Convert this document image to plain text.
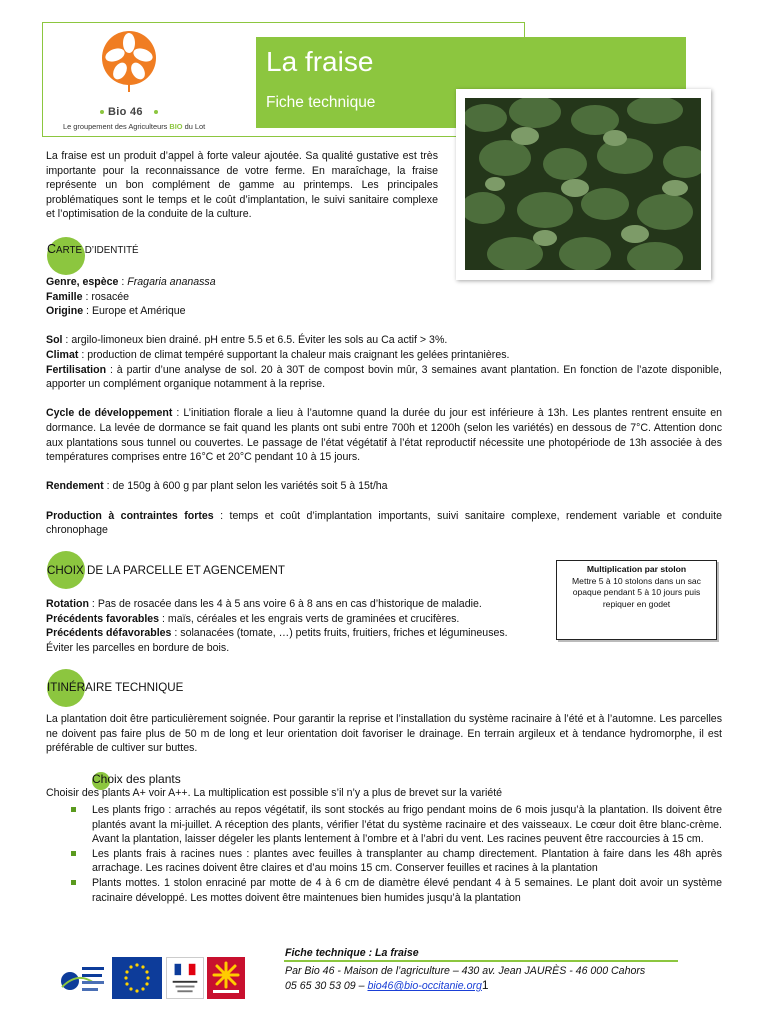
Bio 46
Le groupement des Agriculteurs BIO du Lot
La fraise
Fiche technique
La fraise est un produit d’appel à forte valeur ajoutée. Sa qualité gustative est très importante pour la reconnaissance de votre ferme. En maraîchage, la fraise représente un bon complément de gamme au printemps. Les principales problématiques sont le temps et le coût d’implantation, le suivi sanitaire complexe et l’optimisation de la conduite de la culture.
CARTE D’IDENTITÉ

Genre, espèce : Fragaria ananassa

Famille : rosacée

Origine : Europe et Amérique

Sol : argilo-limoneux bien drainé. pH entre 5.5 et 6.5. Éviter les sols au Ca actif > 3%.

Climat : production de climat tempéré supportant la chaleur mais craignant les gelées printanières.

Fertilisation : à partir d’une analyse de sol. 20 à 30T de compost bovin mûr, 3 semaines avant plantation. En fonction de l’azote disponible, apporter un complément organique notamment à la reprise.

Cycle de développement : L’initiation florale a lieu à l’automne quand la durée du jour est inférieure à 13h. Les plantes rentrent ensuite en dormance. La levée de dormance se fait quand les plants ont subi entre 700h et 1200h (selon les variétés) en dessous de 7°C. Attention donc aux plantations sous tunnel ou couvertes. Le passage de l’état végétatif à l’état reproductif nécessite une photopériode de 13h associée à des températures comprises entre 16°C et 20°C pendant 10 à 15 jours.

Rendement : de 150g à 600 g par plant selon les variétés soit 5 à 15t/ha

Production à contraintes fortes : temps et coût d’implantation importants, suivi sanitaire complexe, rendement variable et conduite chronophage

CHOIX DE LA PARCELLE ET AGENCEMENT	Multiplication par stolon
Mettre 5 à 10 stolons dans un sac opaque pendant 5 à 10 jours puis repiquer en godet

Rotation : Pas de rosacée dans les 4 à 5 ans voire 6 à 8 ans en cas d’historique de maladie.

Précédents favorables : maïs, céréales et les engrais verts de graminées et crucifères.

Précédents défavorables : solanacées (tomate, …) petits fruits, fruitiers, friches et légumineuses.

Éviter les parcelles en bordure de bois.

ITINÉRAIRE TECHNIQUE
La plantation doit être particulièrement soignée. Pour garantir la reprise et l’installation du système racinaire à l’été et à l’automne. Les parcelles ne doivent pas faire plus de 50 m de long et leur orientation doit favoriser le drainage. En terrain argileux et à tendance hydromorphe, il est préférable de cultiver sur buttes.
Choix des plants
Choisir des plants A+ voir A++. La multiplication est possible s’il n’y a plus de brevet sur la variété
Les plants frigo : arrachés au repos végétatif, ils sont stockés au frigo pendant moins de 6 mois jusqu’à la plantation. Ils doivent être plantés avant la mi-juillet. A réception des plants, vérifier l’état du système racinaire et des vaisseaux. Le cœur doit être blanc-crème. Avant la plantation, laisser dégeler les plants lentement à l’ombre et à l’abri du vent. Les racines peuvent être raccourcies à 15 cm.
Les plants frais à racines nues : plantes avec feuilles à transplanter au champ directement. Plantation à faire dans les 48h après arrachage. Les racines doivent être claires et d’au moins 15 cm. Conserver feuilles et racines à la plantation
Plants mottes. 1 stolon enraciné par motte de 4 à 6 cm de diamètre élevé pendant 4 à 5 semaines. Le plant doit avoir un système racinaire développé. Les mottes doivent être maintenues bien humides jusqu’à la plantation
Fiche technique : La fraise
Par Bio 46 - Maison de l’agriculture – 430 av. Jean JAURÈS - 46 000 Cahors
05 65 30 53 09 – bio46@bio-occitanie.org1
